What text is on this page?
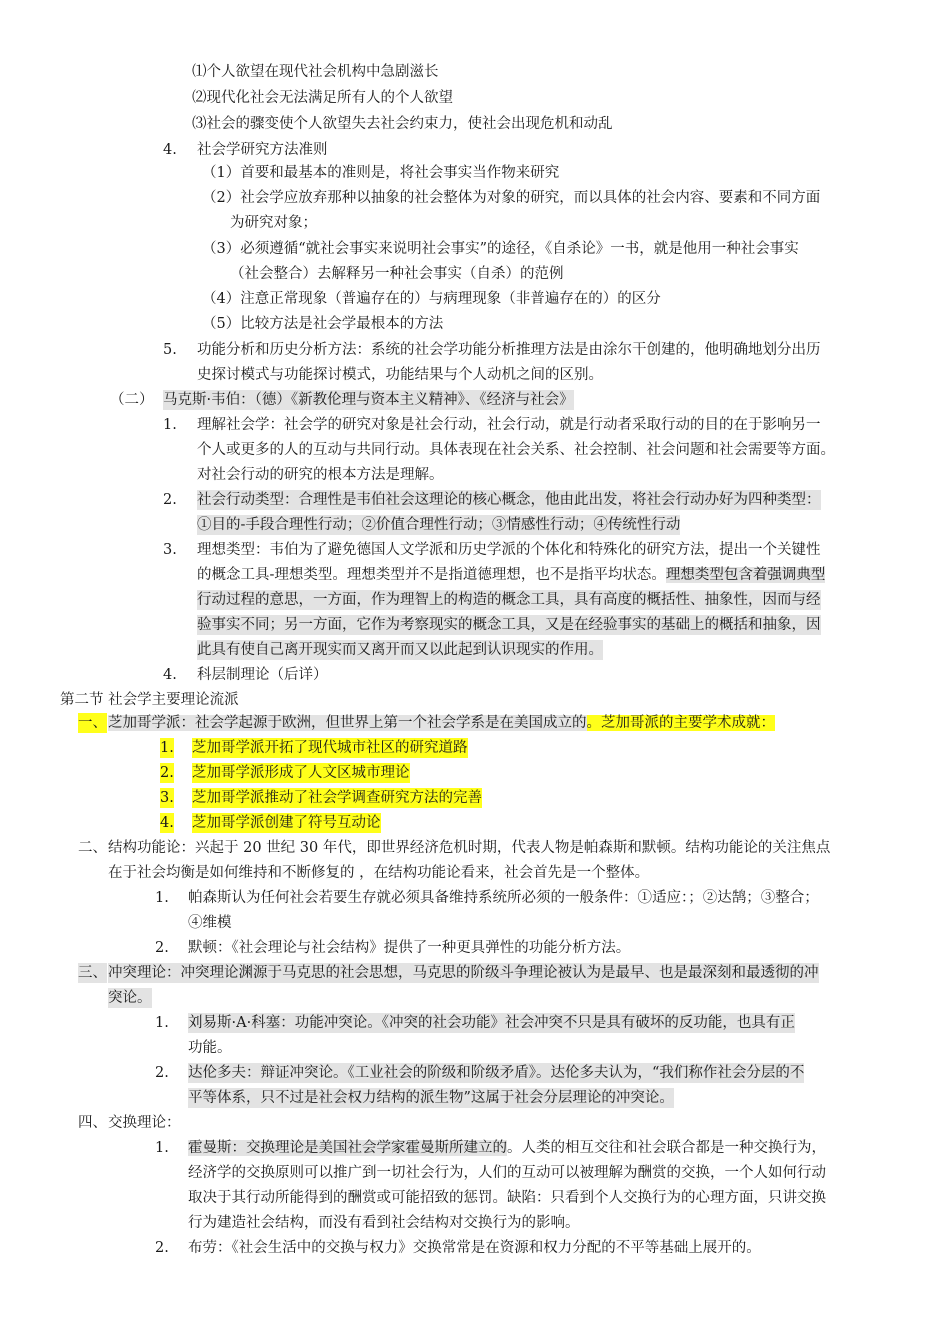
⑴个人欲望在现代社会机构中急剧滋长
⑵现代化社会无法满足所有人的个人欲望
⑶社会的骤变使个人欲望失去社会约束力，使社会出现危机和动乱
4. 社会学研究方法准则
（1）首要和最基本的准则是，将社会事实当作物来研究
（2）社会学应放弃那种以抽象的社会整体为对象的研究，而以具体的社会内容、要素和不同方面
为研究对象；
（3）必须遵循“就社会事实来说明社会事实”的途径，《自杀论》一书，就是他用一种社会事实
（社会整合）去解释另一种社会事实（自杀）的范例
（4）注意正常现象（普遍存在的）与病理现象（非普遍存在的）的区分
（5）比较方法是社会学最根本的方法
5. 功能分析和历史分析方法：系统的社会学功能分析推理方法是由涂尔干创建的，他明确地划分出历
史探讨模式与功能探讨模式，功能结果与个人动机之间的区别。
（二） 马克斯·韦伯：（德）《新教伦理与资本主义精神》、《经济与社会》
1. 理解社会学：社会学的研究对象是社会行动，社会行动，就是行动者采取行动的目的在于影响另一
个人或更多的人的互动与共同行动。具体表现在社会关系、社会控制、社会问题和社会需要等方面。
对社会行动的研究的根本方法是理解。
2. 社会行动类型：合理性是韦伯社会这理论的核心概念，他由此出发，将社会行动办好为四种类型：
①目的-手段合理性行动；②价值合理性行动；③情感性行动；④传统性行动
3. 理想类型：韦伯为了避免德国人文学派和历史学派的个体化和特殊化的研究方法，提出一个关键性
的概念工具-理想类型。理想类型并不是指道德理想，也不是指平均状态。理想类型包含着强调典型
行动过程的意思，一方面，作为理智上的构造的概念工具，具有高度的概括性、抽象性，因而与经
验事实不同；另一方面，它作为考察现实的概念工具，又是在经验事实的基础上的概括和抽象，因
此具有使自己离开现实而又离开而又以此起到认识现实的作用。
4. 科层制理论（后详）
第二节 社会学主要理论流派
一、 芝加哥学派：社会学起源于欧洲，但世界上第一个社会学系是在美国成立的。芝加哥派的主要学术成就：
1. 芝加哥学派开拓了现代城市社区的研究道路
2. 芝加哥学派形成了人文区城市理论
3. 芝加哥学派推动了社会学调查研究方法的完善
4. 芝加哥学派创建了符号互动论
二、 结构功能论：兴起于 20 世纪 30 年代，即世界经济危机时期，代表人物是帕森斯和默顿。结构功能论的关注焦点
在于社会均衡是如何维持和不断修复的 ，在结构功能论看来，社会首先是一个整体。
1. 帕森斯认为任何社会若要生存就必须具备维持系统所必须的一般条件：①适应：；②达鹄；③整合；
④维模
2. 默顿：《社会理论与社会结构》提供了一种更具弹性的功能分析方法。
三、 冲突理论：冲突理论渊源于马克思的社会思想，马克思的阶级斗争理论被认为是最早、也是最深刻和最透彻的冲
突论。
1. 刘易斯·A·科塞：功能冲突论。《冲突的社会功能》社会冲突不只是具有破坏的反功能，也具有正
功能。
2. 达伦多夫：辩证冲突论。《工业社会的阶级和阶级矛盾》。达伦多夫认为，“我们称作社会分层的不
平等体系，只不过是社会权力结构的派生物”这属于社会分层理论的冲突论。
四、 交换理论：
1. 霍曼斯：交换理论是美国社会学家霍曼斯所建立的。人类的相互交往和社会联合都是一种交换行为，
经济学的交换原则可以推广到一切社会行为，人们的互动可以被理解为酬赏的交换，一个人如何行动
取决于其行动所能得到的酬赏或可能招致的惩罚。缺陷：只看到个人交换行为的心理方面，只讲交换
行为建造社会结构，而没有看到社会结构对交换行为的影响。
2. 布劳：《社会生活中的交换与权力》交换常常是在资源和权力分配的不平等基础上展开的。
